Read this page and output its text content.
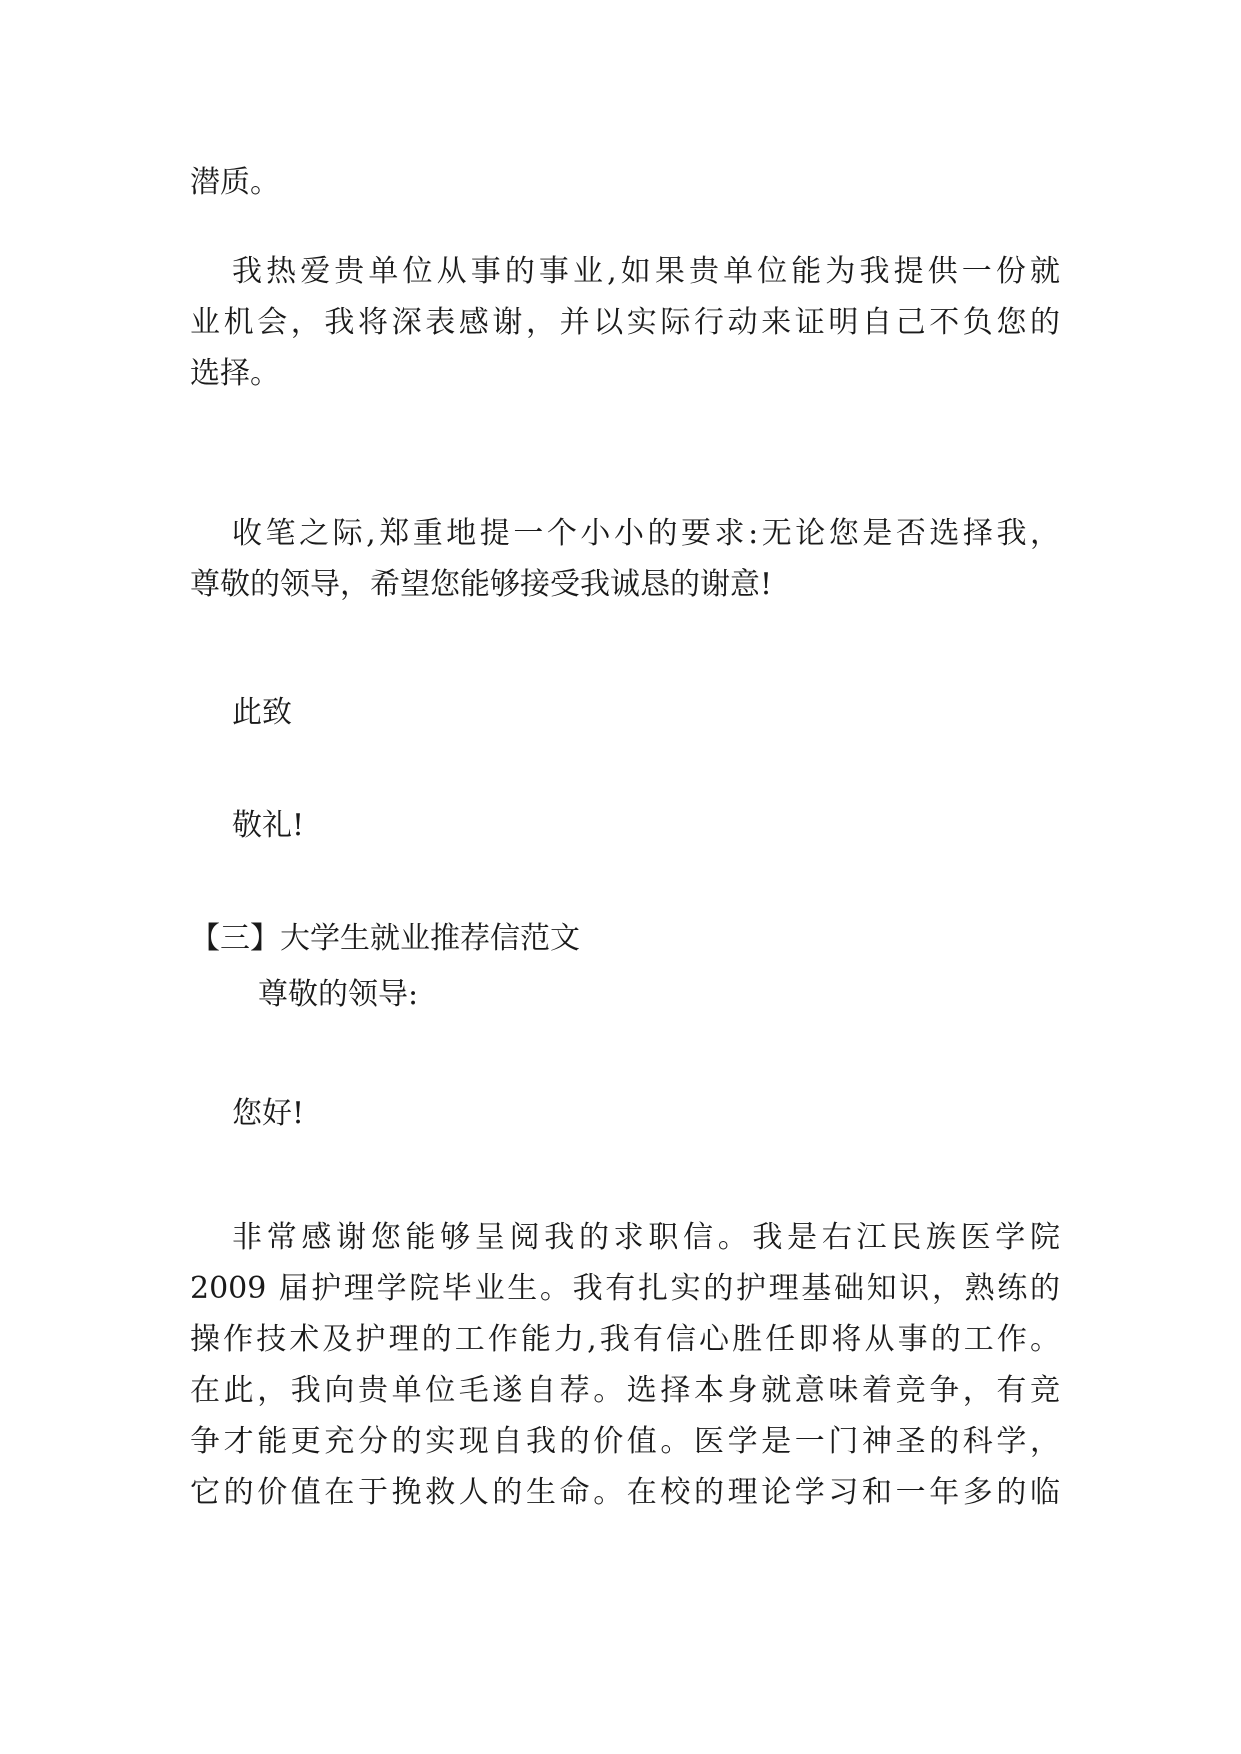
潜质。

我热爱贵单位从事的事业,如果贵单位能为我提供一份就

业机会，我将深表感谢，并以实际行动来证明自己不负您的

选择。

收笔之际,郑重地提一个小小的要求:无论您是否选择我，

尊敬的领导，希望您能够接受我诚恳的谢意!

此致

敬礼!

【三】大学生就业推荐信范文

尊敬的领导:

您好!

非常感谢您能够呈阅我的求职信。我是右江民族医学院

2009 届护理学院毕业生。我有扎实的护理基础知识，熟练的

操作技术及护理的工作能力,我有信心胜任即将从事的工作。

在此，我向贵单位毛遂自荐。选择本身就意味着竞争，有竞

争才能更充分的实现自我的价值。医学是一门神圣的科学，

它的价值在于挽救人的生命。在校的理论学习和一年多的临
